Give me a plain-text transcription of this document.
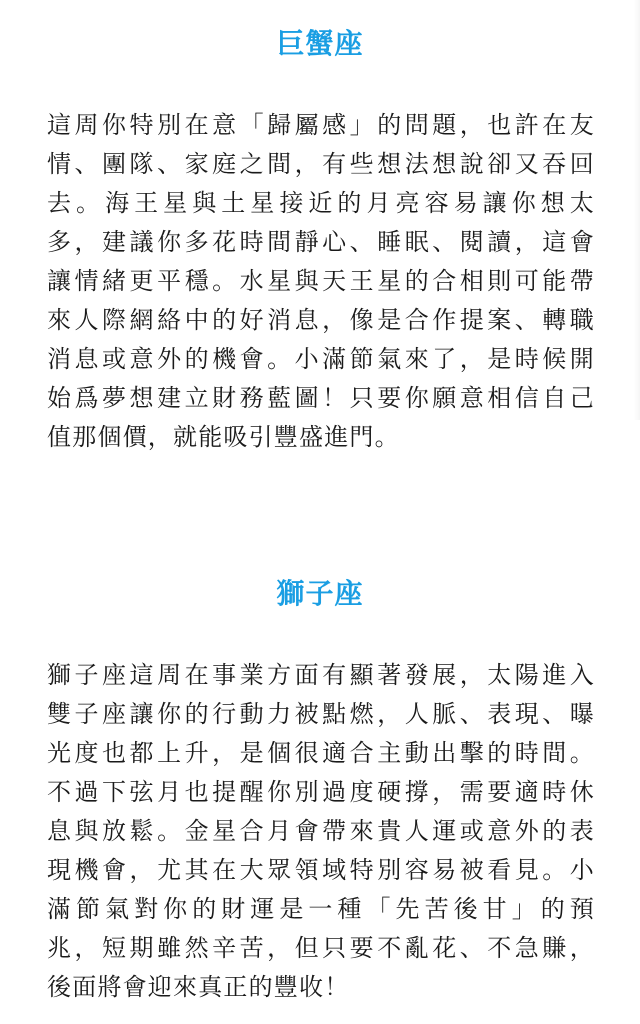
巨蟹座

這周你特別在意「歸屬感」的問題，也許在友
情、團隊、家庭之間，有些想法想說卻又吞回
去。海王星與土星接近的月亮容易讓你想太
多，建議你多花時間靜心、睡眠、閱讀，這會
讓情緒更平穩。水星與天王星的合相則可能帶
來人際網絡中的好消息，像是合作提案、轉職
消息或意外的機會。小滿節氣來了，是時候開
始爲夢想建立財務藍圖！只要你願意相信自己
值那個價，就能吸引豐盛進門。

獅子座

獅子座這周在事業方面有顯著發展，太陽進入
雙子座讓你的行動力被點燃，人脈、表現、曝
光度也都上升，是個很適合主動出擊的時間。
不過下弦月也提醒你別過度硬撐，需要適時休
息與放鬆。金星合月會帶來貴人運或意外的表
現機會，尤其在大眾領域特別容易被看見。小
滿節氣對你的財運是一種「先苦後甘」的預
兆，短期雖然辛苦，但只要不亂花、不急賺，
後面將會迎來真正的豐收！
